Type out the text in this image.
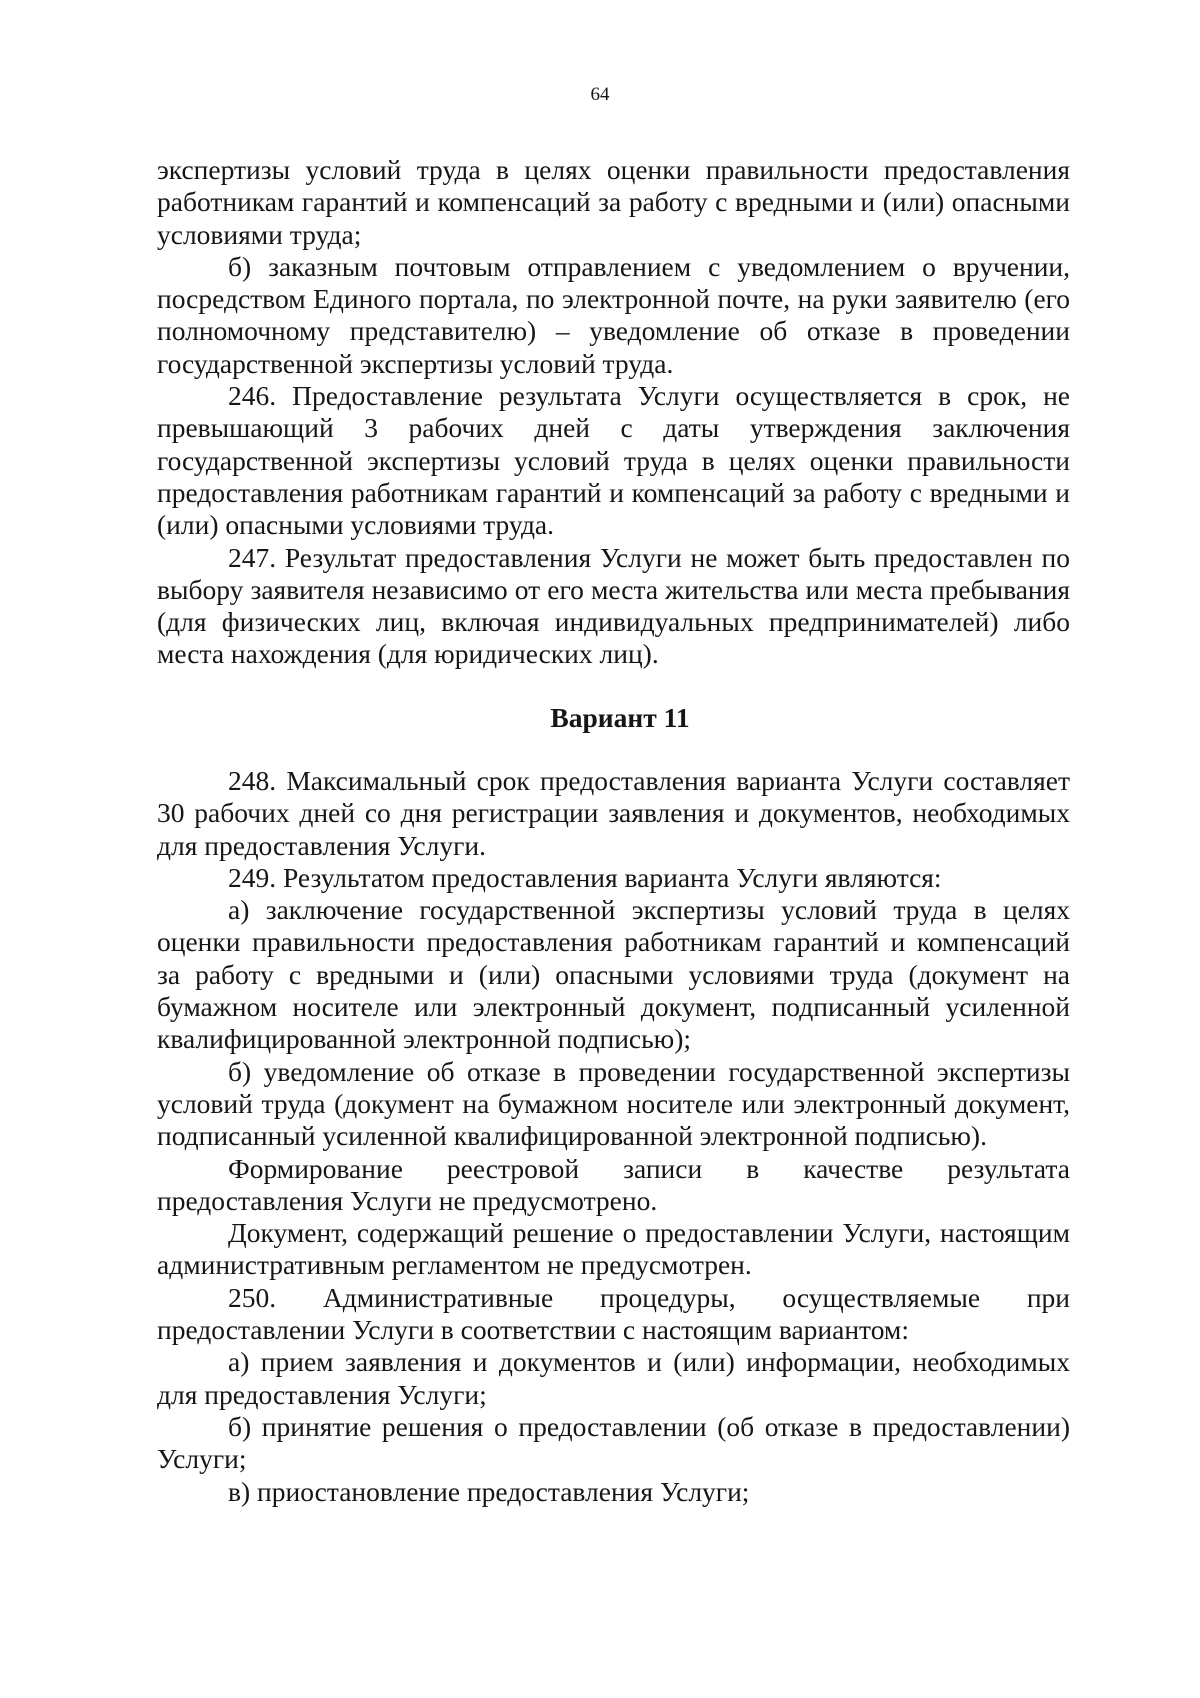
64

экспертизы условий труда в целях оценки правильности предоставления работникам гарантий и компенсаций за работу с вредными и (или) опасными условиями труда;

б) заказным почтовым отправлением с уведомлением о вручении, посредством Единого портала, по электронной почте, на руки заявителю (его полномочному представителю) – уведомление об отказе в проведении государственной экспертизы условий труда.

246. Предоставление результата Услуги осуществляется в срок, не превышающий 3 рабочих дней с даты утверждения заключения государственной экспертизы условий труда в целях оценки правильности предоставления работникам гарантий и компенсаций за работу с вредными и (или) опасными условиями труда.

247. Результат предоставления Услуги не может быть предоставлен по выбору заявителя независимо от его места жительства или места пребывания (для физических лиц, включая индивидуальных предпринимателей) либо места нахождения (для юридических лиц).

Вариант 11

248. Максимальный срок предоставления варианта Услуги составляет 30 рабочих дней со дня регистрации заявления и документов, необходимых для предоставления Услуги.

249. Результатом предоставления варианта Услуги являются:

а) заключение государственной экспертизы условий труда в целях оценки правильности предоставления работникам гарантий и компенсаций за работу с вредными и (или) опасными условиями труда (документ на бумажном носителе или электронный документ, подписанный усиленной квалифицированной электронной подписью);

б) уведомление об отказе в проведении государственной экспертизы условий труда (документ на бумажном носителе или электронный документ, подписанный усиленной квалифицированной электронной подписью).

Формирование реестровой записи в качестве результата предоставления Услуги не предусмотрено.

Документ, содержащий решение о предоставлении Услуги, настоящим административным регламентом не предусмотрен.

250. Административные процедуры, осуществляемые при предоставлении Услуги в соответствии с настоящим вариантом:

а) прием заявления и документов и (или) информации, необходимых для предоставления Услуги;

б) принятие решения о предоставлении (об отказе в предоставлении) Услуги;

в) приостановление предоставления Услуги;
